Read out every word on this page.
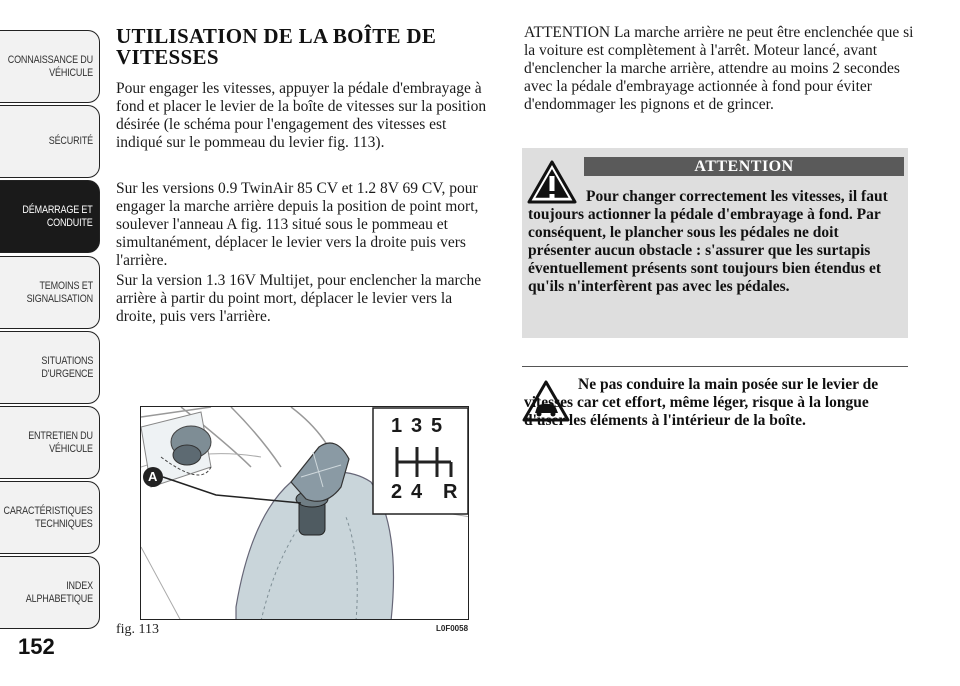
CONNAISSANCE DU
VÉHICULE
SÉCURITÉ
DÉMARRAGE ET
CONDUITE
TEMOINS ET
SIGNALISATION
SITUATIONS
D'URGENCE
ENTRETIEN DU
VÉHICULE
CARACTÉRISTIQUES
TECHNIQUES
INDEX
ALPHABETIQUE
152
UTILISATION DE LA BOÎTE DE VITESSES

Pour engager les vitesses, appuyer la pédale d'embrayage à fond et placer le levier de la boîte de vitesses sur la position désirée (le schéma pour l'engagement des vitesses est indiqué sur le pommeau du levier fig. 113).

Sur les versions 0.9 TwinAir 85 CV et 1.2 8V 69 CV, pour engager la marche arrière depuis la position de point mort, soulever l'anneau A fig. 113 situé sous le pommeau et simultanément, déplacer le levier vers la droite puis vers l'arrière.

Sur la version 1.3 16V Multijet, pour enclencher la marche arrière à partir du point mort, déplacer le levier vers la droite, puis vers l'arrière.

1 3 5
2 4 R
A
fig. 113	L0F0058

ATTENTION La marche arrière ne peut être enclenchée que si la voiture est complètement à l'arrêt. Moteur lancé, avant d'enclencher la marche arrière, attendre au moins 2 secondes avec la pédale d'embrayage actionnée à fond pour éviter d'endommager les pignons et de grincer.

ATTENTION

Pour changer correctement les vitesses, il faut toujours actionner la pédale d'embrayage à fond. Par conséquent, le plancher sous les pédales ne doit présenter aucun obstacle : s'assurer que les surtapis éventuellement présents sont toujours bien étendus et qu'ils n'interfèrent pas avec les pédales.

Ne pas conduire la main posée sur le levier de vitesses car cet effort, même léger, risque à la longue d'user les éléments à l'intérieur de la boîte.
